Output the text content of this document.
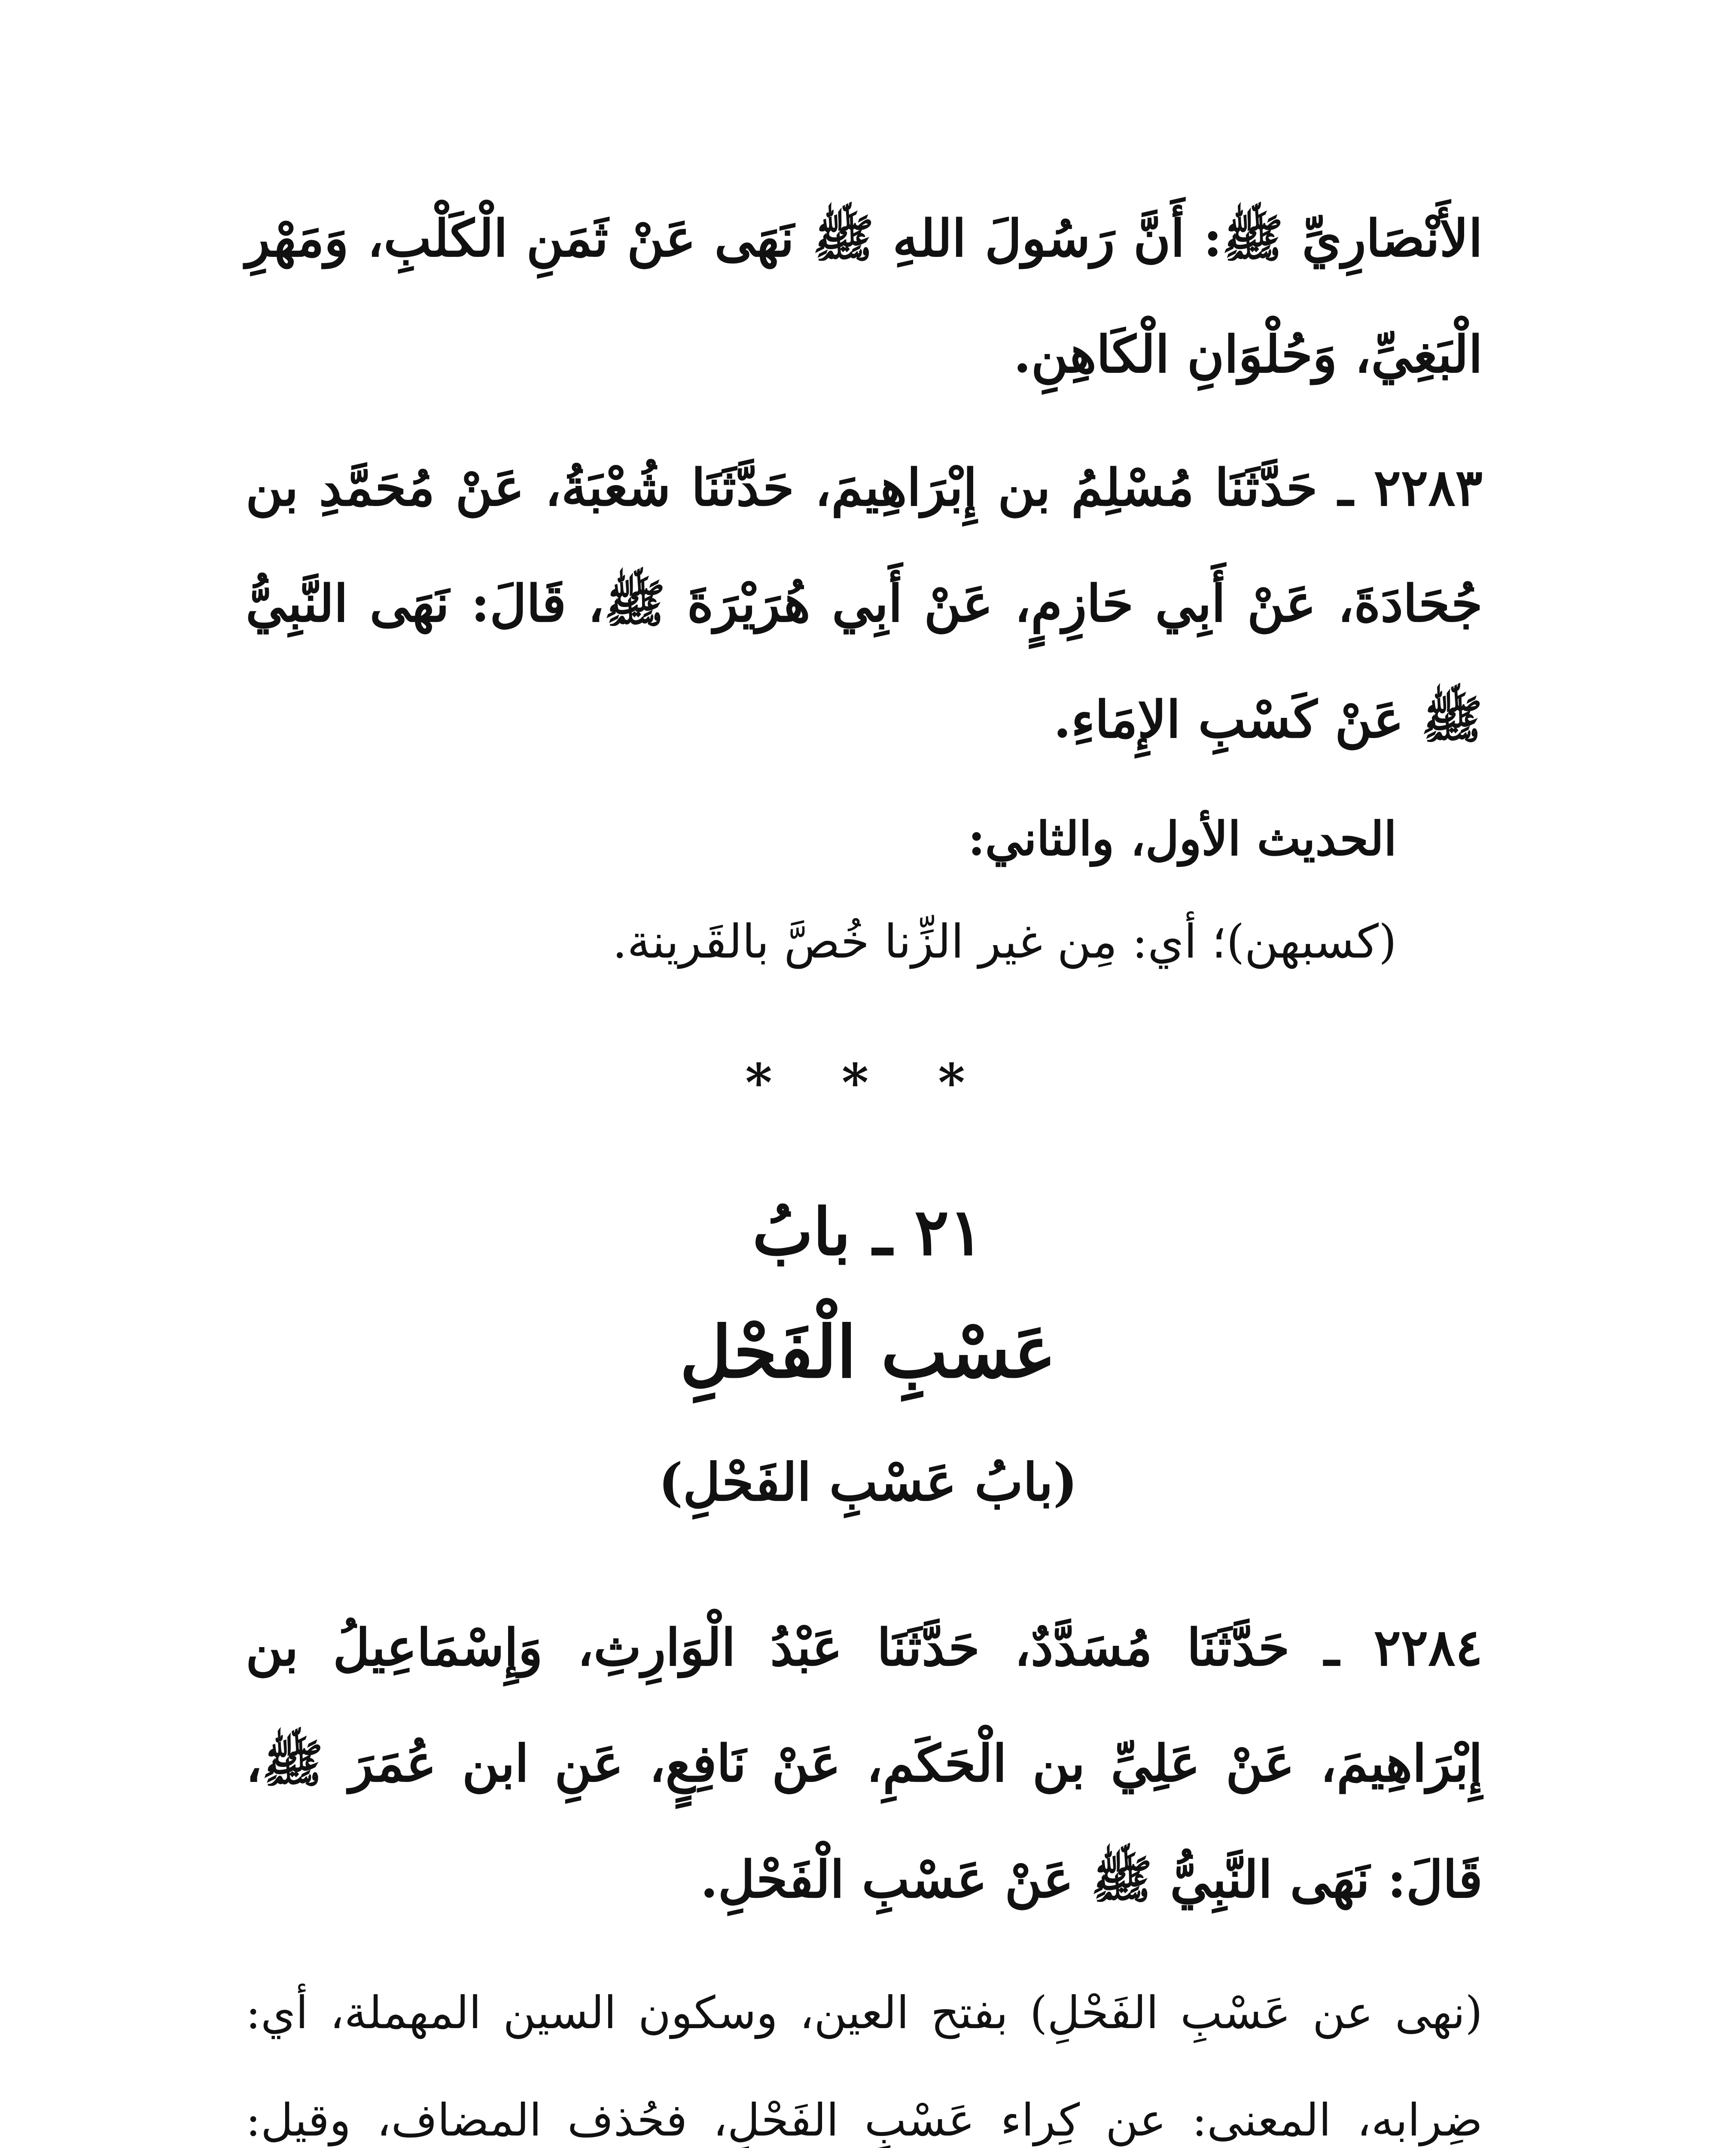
الأَنْصَارِيِّ ﷺ: أَنَّ رَسُولَ اللهِ ﷺ نَهَى عَنْ ثَمَنِ الْكَلْبِ، وَمَهْرِ الْبَغِيِّ، وَحُلْوَانِ الْكَاهِنِ.

٢٢٨٣ ـ حَدَّثَنَا مُسْلِمُ بن إِبْرَاهِيمَ، حَدَّثَنَا شُعْبَةُ، عَنْ مُحَمَّدِ بن جُحَادَةَ، عَنْ أَبِي حَازِمٍ، عَنْ أَبِي هُرَيْرَةَ ﷺ، قَالَ: نَهَى النَّبِيُّ ﷺ عَنْ كَسْبِ الإِمَاءِ.

الحديث الأول، والثاني:

(كسبهن)؛ أي: مِن غير الزِّنا خُصَّ بالقَرينة.

* * *
٢١ ـ بابُ
عَسْبِ الْفَحْلِ
(بابُ عَسْبِ الفَحْلِ)

٢٢٨٤ ـ حَدَّثَنَا مُسَدَّدٌ، حَدَّثَنَا عَبْدُ الْوَارِثِ، وَإِسْمَاعِيلُ بن إِبْرَاهِيمَ، عَنْ عَلِيِّ بن الْحَكَمِ، عَنْ نَافِعٍ، عَنِ ابن عُمَرَ ﷺ، قَالَ: نَهَى النَّبِيُّ ﷺ عَنْ عَسْبِ الْفَحْلِ.

(نهى عن عَسْبِ الفَحْلِ) بفتح العين، وسكون السين المهملة، أي: ضِرابه، المعنى: عن كِراء عَسْبِ الفَحْلِ، فحُذف المضاف، وقيل:
